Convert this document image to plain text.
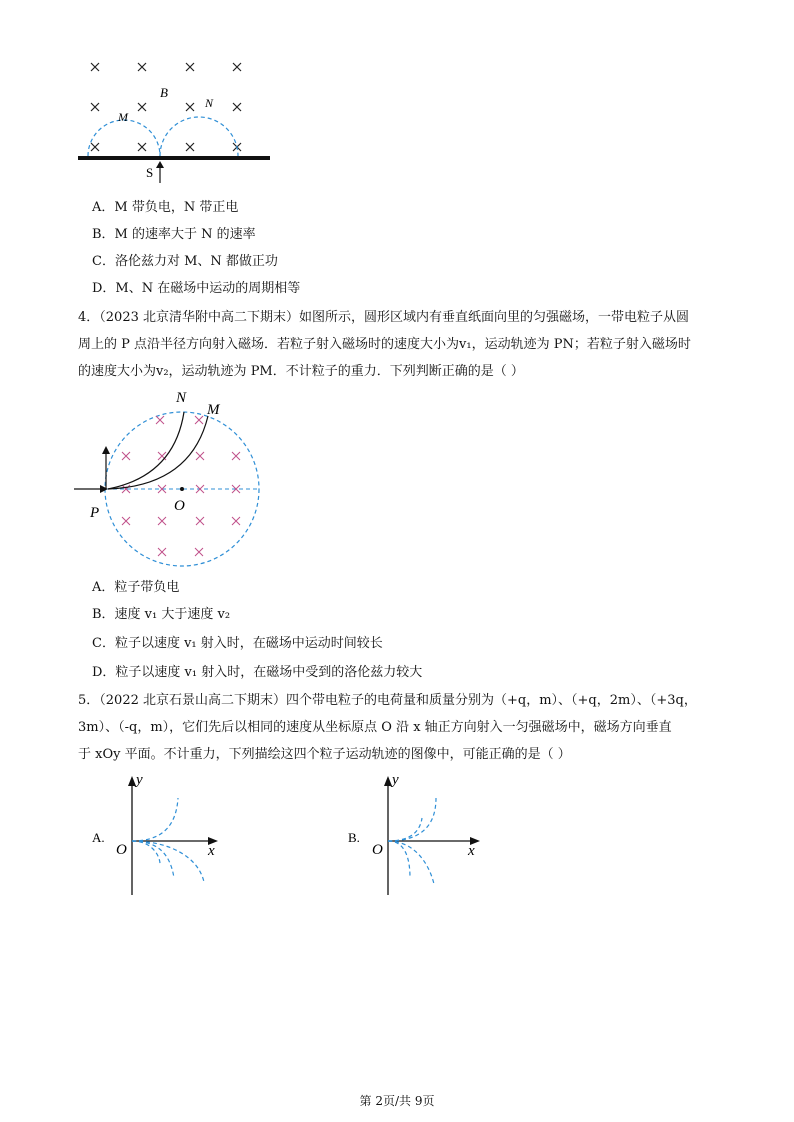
B
M
N
S
A．M 带负电，N 带正电
B．M 的速率大于 N 的速率
C．洛伦兹力对 M、N 都做正功
D．M、N 在磁场中运动的周期相等
4．（2023 北京清华附中高二下期末）如图所示，圆形区域内有垂直纸面向里的匀强磁场，一带电粒子从圆
周上的 P 点沿半径方向射入磁场．若粒子射入磁场时的速度大小为v₁，运动轨迹为 PN；若粒子射入磁场时
的速度大小为v₂，运动轨迹为 PM．不计粒子的重力．下列判断正确的是（ ）
N
M
P	O
A．粒子带负电
B．速度 v₁ 大于速度 v₂
C．粒子以速度 v₁ 射入时，在磁场中运动时间较长
D．粒子以速度 v₁ 射入时，在磁场中受到的洛伦兹力较大
5．（2022 北京石景山高二下期末）四个带电粒子的电荷量和质量分别为（+q，m）、（+q，2m）、（+3q，
3m）、（-q，m），它们先后以相同的速度从坐标原点 O 沿 x 轴正方向射入一匀强磁场中，磁场方向垂直
于 xOy 平面。不计重力，下列描绘这四个粒子运动轨迹的图像中，可能正确的是（ ）
A.
y
x
O
B.
y
x
O
第 2页/共 9页
